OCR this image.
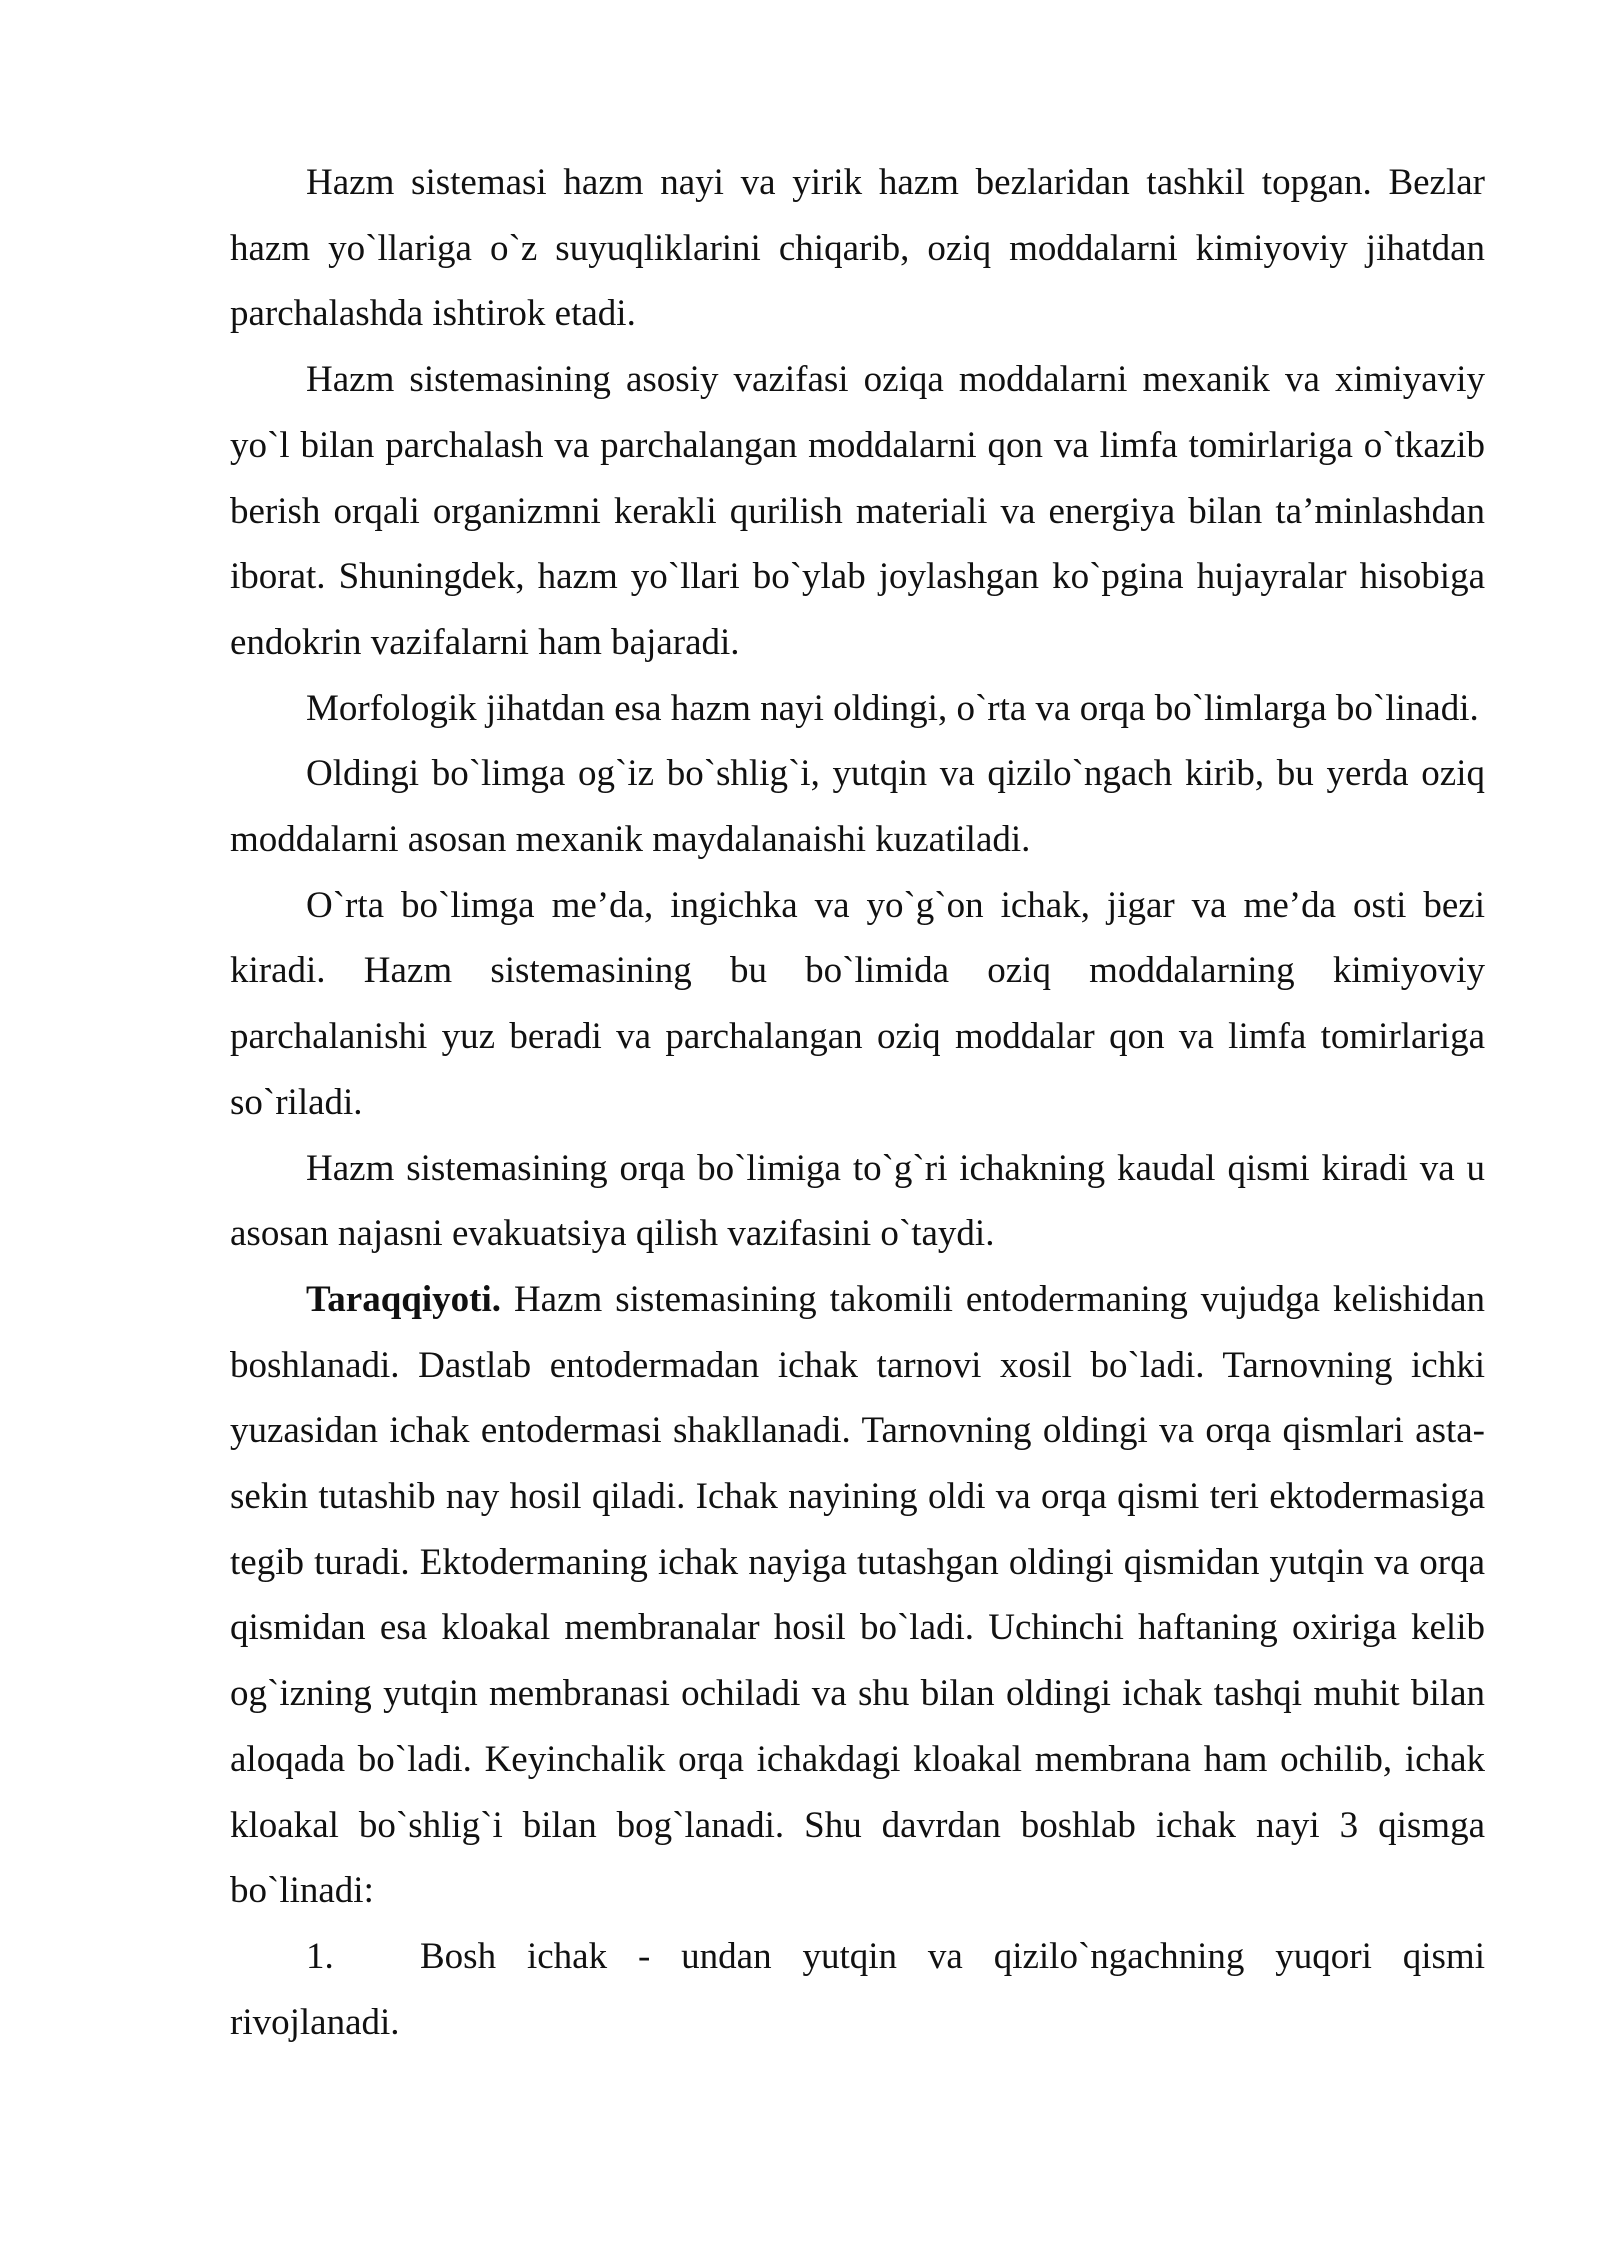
Hazm sistemasi hazm nayi va yirik hazm bezlaridan tashkil topgan. Bezlar hazm yo`llariga o`z suyuqliklarini chiqarib, oziq moddalarni kimiyoviy jihatdan parchalashda ishtirok etadi.

Hazm sistemasining asosiy vazifasi oziqa moddalarni mexanik va ximiyaviy yo`l bilan parchalash va parchalangan moddalarni qon va limfa tomirlariga o`tkazib berish orqali organizmni kerakli qurilish materiali va energiya bilan ta’minlashdan iborat. Shuningdek, hazm yo`llari bo`ylab joylashgan ko`pgina hujayralar hisobiga endokrin vazifalarni ham bajaradi.

Morfologik jihatdan esa hazm nayi oldingi, o`rta va orqa bo`limlarga bo`linadi.

Oldingi bo`limga og`iz bo`shlig`i, yutqin va qizilo`ngach kirib, bu yerda oziq moddalarni asosan mexanik maydalanaishi kuzatiladi.

O`rta bo`limga me’da, ingichka va yo`g`on ichak, jigar va me’da osti bezi kiradi. Hazm sistemasining bu bo`limida oziq moddalarning kimiyoviy parchalanishi yuz beradi va parchalangan oziq moddalar qon va limfa tomirlariga so`riladi.

Hazm sistemasining orqa bo`limiga to`g`ri ichakning kaudal qismi kiradi va u asosan najasni evakuatsiya qilish vazifasini o`taydi.

Taraqqiyoti. Hazm sistemasining takomili entodermaning vujudga kelishidan boshlanadi. Dastlab entodermadan ichak tarnovi xosil bo`ladi. Tarnovning ichki yuzasidan ichak entodermasi shakllanadi. Tarnovning oldingi va orqa qismlari asta-sekin tutashib nay hosil qiladi. Ichak nayining oldi va orqa qismi teri ektodermasiga tegib turadi. Ektodermaning ichak nayiga tutashgan oldingi qismidan yutqin va orqa qismidan esa kloakal membranalar hosil bo`ladi. Uchinchi haftaning oxiriga kelib og`izning yutqin membranasi ochiladi va shu bilan oldingi ichak tashqi muhit bilan aloqada bo`ladi. Keyinchalik orqa ichakdagi kloakal membrana ham ochilib, ichak kloakal bo`shlig`i bilan bog`lanadi. Shu davrdan boshlab ichak nayi 3 qismga bo`linadi:

1. Bosh ichak - undan yutqin va qizilo`ngachning yuqori qismi rivojlanadi.
